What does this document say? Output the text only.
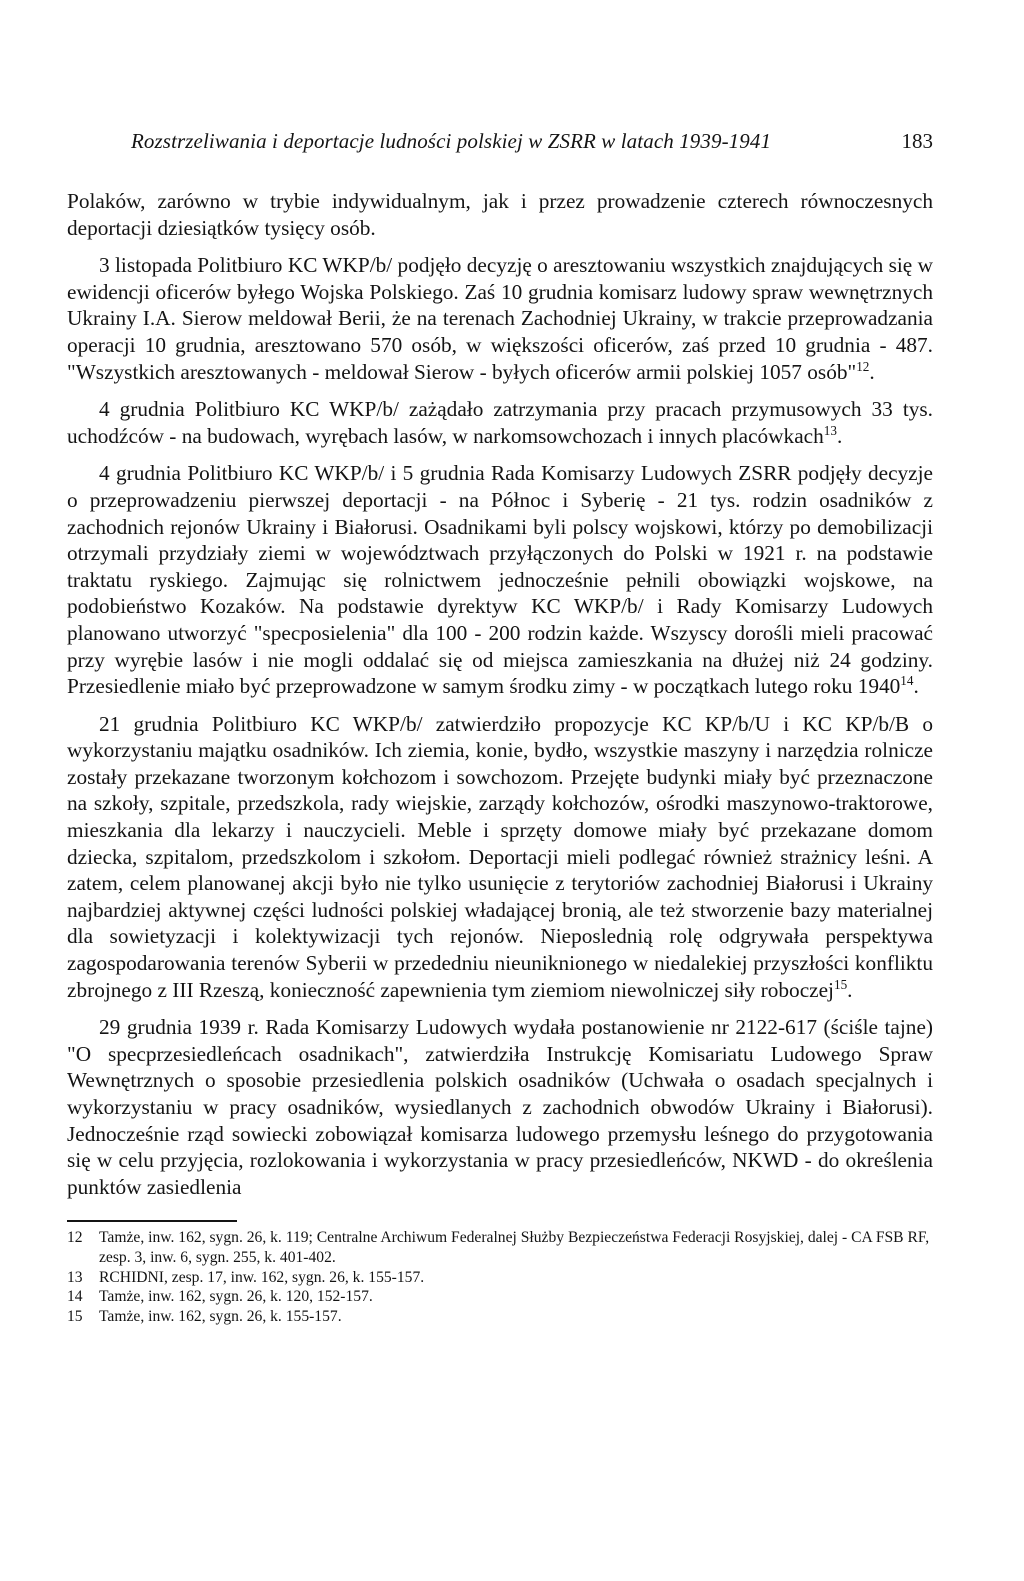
Rozstrzeliwania i deportacje ludności polskiej w ZSRR w latach 1939-1941	183

Polaków, zarówno w trybie indywidualnym, jak i przez prowadzenie czterech równoczesnych deportacji dziesiątków tysięcy osób.

3 listopada Politbiuro KC WKP/b/ podjęło decyzję o aresztowaniu wszystkich znajdujących się w ewidencji oficerów byłego Wojska Polskiego. Zaś 10 grudnia komisarz ludowy spraw wewnętrznych Ukrainy I.A. Sierow meldował Berii, że na terenach Zachodniej Ukrainy, w trakcie przeprowadzania operacji 10 grudnia, aresztowano 570 osób, w większości oficerów, zaś przed 10 grudnia - 487. "Wszystkich aresztowanych - meldował Sierow - byłych oficerów armii polskiej 1057 osób"$^{12}$.

4 grudnia Politbiuro KC WKP/b/ zażądało zatrzymania przy pracach przymusowych 33 tys. uchodźców - na budowach, wyrębach lasów, w narkomsowchozach i innych placówkach$^{13}$.

4 grudnia Politbiuro KC WKP/b/ i 5 grudnia Rada Komisarzy Ludowych ZSRR podjęły decyzje o przeprowadzeniu pierwszej deportacji - na Północ i Syberię - 21 tys. rodzin osadników z zachodnich rejonów Ukrainy i Białorusi. Osadnikami byli polscy wojskowi, którzy po demobilizacji otrzymali przydziały ziemi w województwach przyłączonych do Polski w 1921 r. na podstawie traktatu ryskiego. Zajmując się rolnictwem jednocześnie pełnili obowiązki wojskowe, na podobieństwo Kozaków. Na podstawie dyrektyw KC WKP/b/ i Rady Komisarzy Ludowych planowano utworzyć "specposielenia" dla 100 - 200 rodzin każde. Wszyscy dorośli mieli pracować przy wyrębie lasów i nie mogli oddalać się od miejsca zamieszkania na dłużej niż 24 godziny. Przesiedlenie miało być przeprowadzone w samym środku zimy - w początkach lutego roku 1940$^{14}$.

21 grudnia Politbiuro KC WKP/b/ zatwierdziło propozycje KC KP/b/U i KC KP/b/B o wykorzystaniu majątku osadników. Ich ziemia, konie, bydło, wszystkie maszyny i narzędzia rolnicze zostały przekazane tworzonym kołchozom i sowchozom. Przejęte budynki miały być przeznaczone na szkoły, szpitale, przedszkola, rady wiejskie, zarządy kołchozów, ośrodki maszynowo-traktorowe, mieszkania dla lekarzy i nauczycieli. Meble i sprzęty domowe miały być przekazane domom dziecka, szpitalom, przedszkolom i szkołom. Deportacji mieli podlegać również strażnicy leśni. A zatem, celem planowanej akcji było nie tylko usunięcie z terytoriów zachodniej Białorusi i Ukrainy najbardziej aktywnej części ludności polskiej władającej bronią, ale też stworzenie bazy materialnej dla sowietyzacji i kolektywizacji tych rejonów. Nieposlednią rolę odgrywała perspektywa zagospodarowania terenów Syberii w przededniu nieuniknionego w niedalekiej przyszłości konfliktu zbrojnego z III Rzeszą, konieczność zapewnienia tym ziemiom niewolniczej siły roboczej$^{15}$.

29 grudnia 1939 r. Rada Komisarzy Ludowych wydała postanowienie nr 2122-617 (ściśle tajne) "O specprzesiedleńcach osadnikach", zatwierdziła Instrukcję Komisariatu Ludowego Spraw Wewnętrznych o sposobie przesiedlenia polskich osadników (Uchwała o osadach specjalnych i wykorzystaniu w pracy osadników, wysiedlanych z zachodnich obwodów Ukrainy i Białorusi). Jednocześnie rząd sowiecki zobowiązał komisarza ludowego przemysłu leśnego do przygotowania się w celu przyjęcia, rozlokowania i wykorzystania w pracy przesiedleńców, NKWD - do określenia punktów zasiedlenia

12 Tamże, inw. 162, sygn. 26, k. 119; Centralne Archiwum Federalnej Służby Bezpieczeństwa Federacji Rosyjskiej, dalej - CA FSB RF, zesp. 3, inw. 6, sygn. 255, k. 401-402.
13 RCHIDNI, zesp. 17, inw. 162, sygn. 26, k. 155-157.
14 Tamże, inw. 162, sygn. 26, k. 120, 152-157.
15 Tamże, inw. 162, sygn. 26, k. 155-157.
